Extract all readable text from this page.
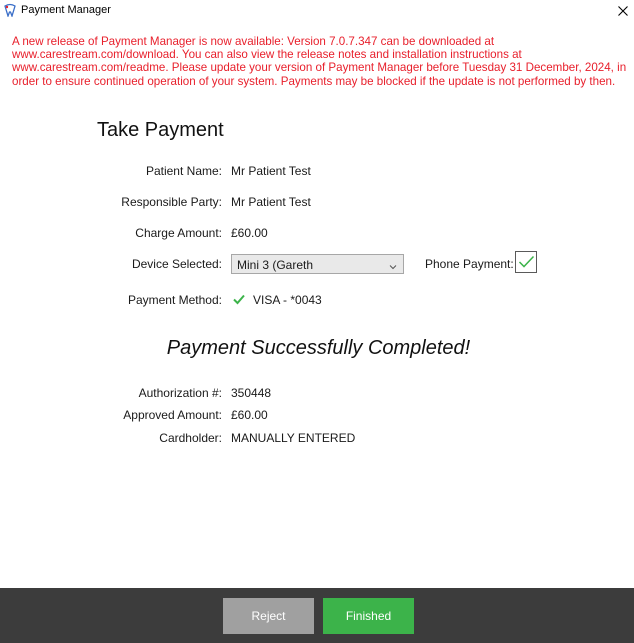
Payment Manager
A new release of Payment Manager is now available: Version 7.0.7.347 can be downloaded at www.carestream.com/download. You can also view the release notes and installation instructions at www.carestream.com/readme. Please update your version of Payment Manager before Tuesday 31 December, 2024, in order to ensure continued operation of your system. Payments may be blocked if the update is not performed by then.
Take Payment
Patient Name: Mr Patient Test
Responsible Party: Mr Patient Test
Charge Amount: £60.00
Device Selected:	Mini 3 (Gareth	Phone Payment:
Payment Method:	VISA - *0043
Payment Successfully Completed!
Authorization #: 350448
Approved Amount: £60.00
Cardholder: MANUALLY ENTERED
Reject	Finished
